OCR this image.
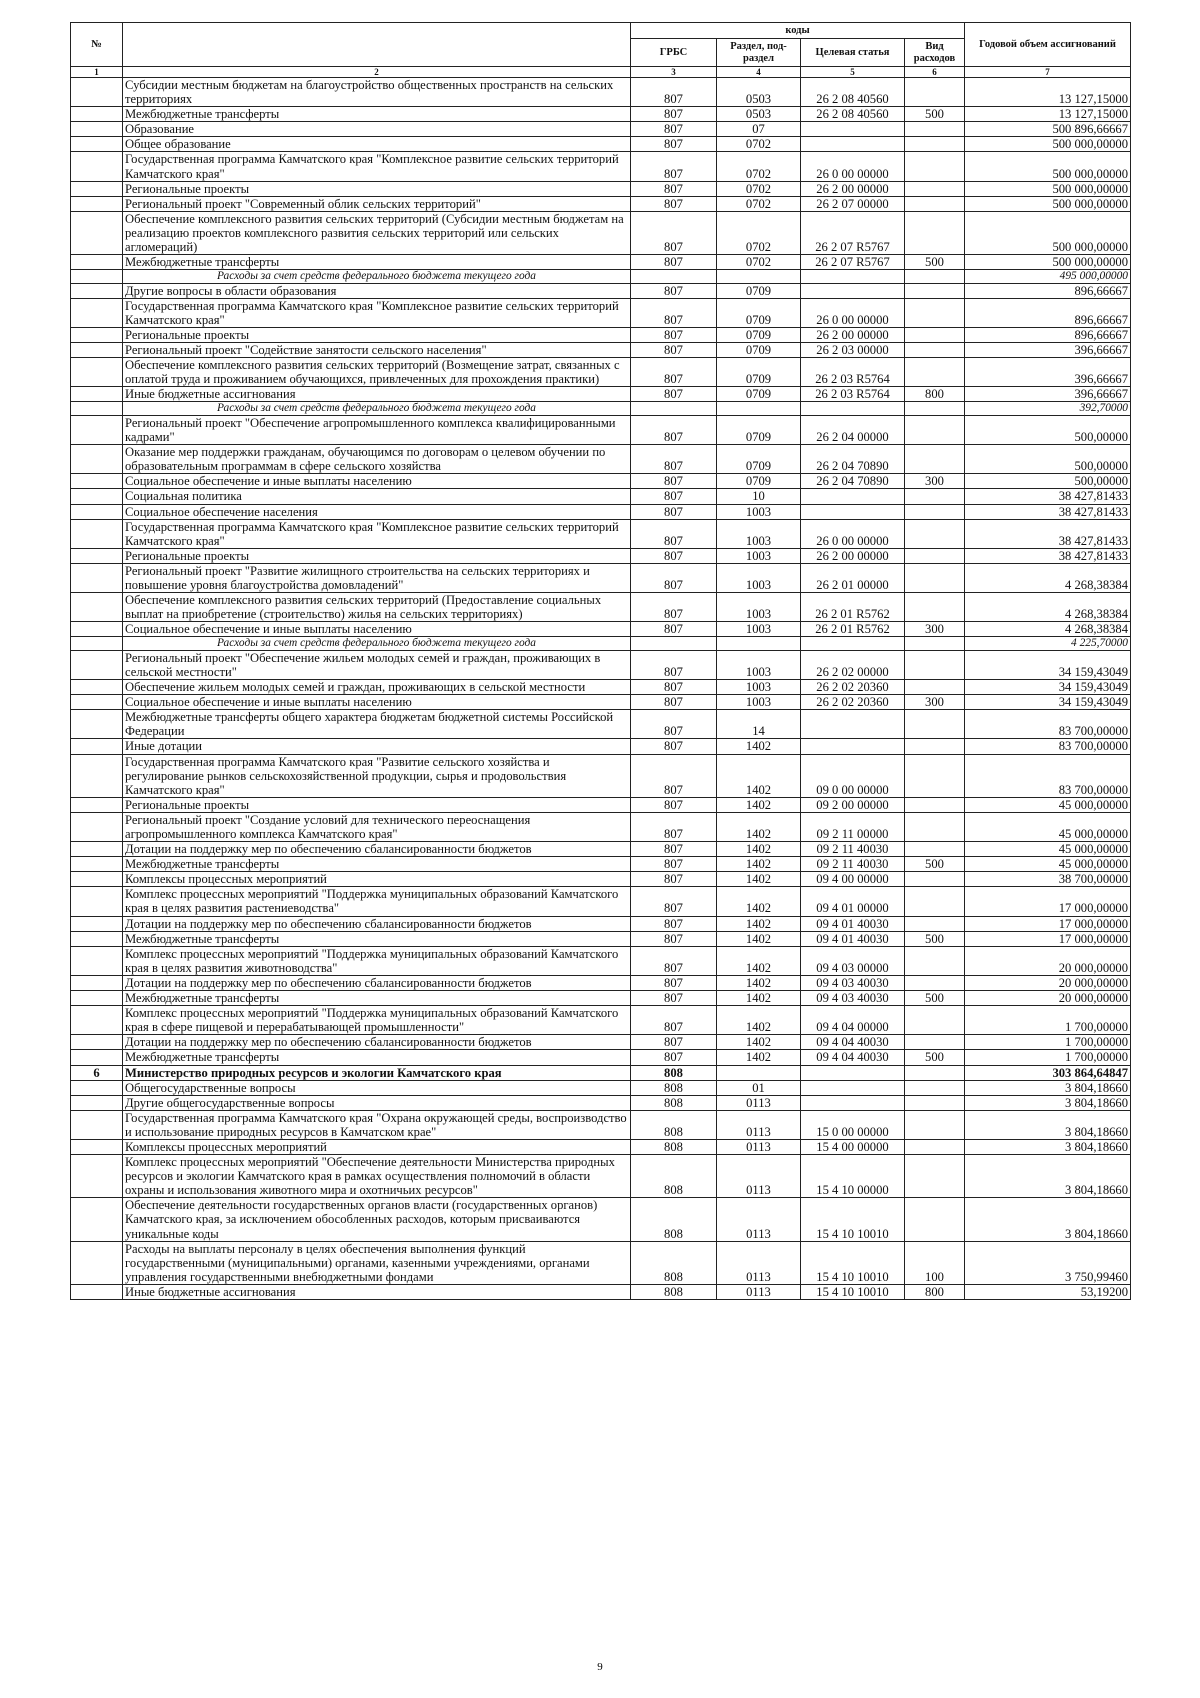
№		коды				Годовой объем ассигнований
		ГРБС	Раздел, под-раздел	Целевая статья	Вид расходов	
1	2	3	4	5	6	7
	Субсидии местным бюджетам на благоустройство общественных пространств на сельских территориях	807	0503	26 2 08 40560		13 127,15000
	Межбюджетные трансферты	807	0503	26 2 08 40560	500	13 127,15000
	Образование	807	07			500 896,66667
	Общее образование	807	0702			500 000,00000
	Государственная программа Камчатского края "Комплексное развитие сельских территорий Камчатского края"	807	0702	26 0 00 00000		500 000,00000
	Региональные проекты	807	0702	26 2 00 00000		500 000,00000
	Региональный проект "Современный облик сельских территорий"	807	0702	26 2 07 00000		500 000,00000
	Обеспечение комплексного развития сельских территорий (Субсидии местным бюджетам на реализацию проектов комплексного развития сельских территорий или сельских агломераций)	807	0702	26 2 07 R5767		500 000,00000
	Межбюджетные трансферты	807	0702	26 2 07 R5767	500	500 000,00000
	Расходы за счет средств федерального бюджета текущего года					495 000,00000
	Другие вопросы в области образования	807	0709			896,66667
	Государственная программа Камчатского края "Комплексное развитие сельских территорий Камчатского края"	807	0709	26 0 00 00000		896,66667
	Региональные проекты	807	0709	26 2 00 00000		896,66667
	Региональный проект "Содействие занятости сельского населения"	807	0709	26 2 03 00000		396,66667
	Обеспечение комплексного развития сельских территорий (Возмещение затрат, связанных с оплатой труда и проживанием обучающихся, привлеченных для прохождения практики)	807	0709	26 2 03 R5764		396,66667
	Иные бюджетные ассигнования	807	0709	26 2 03 R5764	800	396,66667
	Расходы за счет средств федерального бюджета текущего года					392,70000
	Региональный проект "Обеспечение агропромышленного комплекса квалифицированными кадрами"	807	0709	26 2 04 00000		500,00000
	Оказание мер поддержки гражданам, обучающимся по договорам о целевом обучении по образовательным программам в сфере сельского хозяйства	807	0709	26 2 04 70890		500,00000
	Социальное обеспечение и иные выплаты населению	807	0709	26 2 04 70890	300	500,00000
	Социальная политика	807	10			38 427,81433
	Социальное обеспечение населения	807	1003			38 427,81433
	Государственная программа Камчатского края "Комплексное развитие сельских территорий Камчатского края"	807	1003	26 0 00 00000		38 427,81433
	Региональные проекты	807	1003	26 2 00 00000		38 427,81433
	Региональный проект "Развитие жилищного строительства на сельских территориях и повышение уровня благоустройства домовладений"	807	1003	26 2 01 00000		4 268,38384
	Обеспечение комплексного развития сельских территорий (Предоставление социальных выплат на приобретение (строительство) жилья на сельских территориях)	807	1003	26 2 01 R5762		4 268,38384
	Социальное обеспечение и иные выплаты населению	807	1003	26 2 01 R5762	300	4 268,38384
	Расходы за счет средств федерального бюджета текущего года					4 225,70000
	Региональный проект "Обеспечение жильем молодых семей и граждан, проживающих в сельской местности"	807	1003	26 2 02 00000		34 159,43049
	Обеспечение жильем молодых семей и граждан, проживающих в сельской местности	807	1003	26 2 02 20360		34 159,43049
	Социальное обеспечение и иные выплаты населению	807	1003	26 2 02 20360	300	34 159,43049
	Межбюджетные трансферты общего характера бюджетам бюджетной системы Российской Федерации	807	14			83 700,00000
	Иные дотации	807	1402			83 700,00000
	Государственная программа Камчатского края "Развитие сельского хозяйства и регулирование рынков сельскохозяйственной продукции, сырья и продовольствия Камчатского края"	807	1402	09 0 00 00000		83 700,00000
	Региональные проекты	807	1402	09 2 00 00000		45 000,00000
	Региональный проект "Создание условий для технического переоснащения агропромышленного комплекса Камчатского края"	807	1402	09 2 11 00000		45 000,00000
	Дотации на поддержку мер по обеспечению сбалансированности бюджетов	807	1402	09 2 11 40030		45 000,00000
	Межбюджетные трансферты	807	1402	09 2 11 40030	500	45 000,00000
	Комплексы процессных мероприятий	807	1402	09 4 00 00000		38 700,00000
	Комплекс процессных мероприятий "Поддержка муниципальных образований Камчатского края в целях развития растениеводства"	807	1402	09 4 01 00000		17 000,00000
	Дотации на поддержку мер по обеспечению сбалансированности бюджетов	807	1402	09 4 01 40030		17 000,00000
	Межбюджетные трансферты	807	1402	09 4 01 40030	500	17 000,00000
	Комплекс процессных мероприятий "Поддержка муниципальных образований Камчатского края в целях развития животноводства"	807	1402	09 4 03 00000		20 000,00000
	Дотации на поддержку мер по обеспечению сбалансированности бюджетов	807	1402	09 4 03 40030		20 000,00000
	Межбюджетные трансферты	807	1402	09 4 03 40030	500	20 000,00000
	Комплекс процессных мероприятий "Поддержка муниципальных образований Камчатского края в сфере пищевой и перерабатывающей промышленности"	807	1402	09 4 04 00000		1 700,00000
	Дотации на поддержку мер по обеспечению сбалансированности бюджетов	807	1402	09 4 04 40030		1 700,00000
	Межбюджетные трансферты	807	1402	09 4 04 40030	500	1 700,00000
6	Министерство природных ресурсов и экологии Камчатского края	808				303 864,64847
	Общегосударственные вопросы	808	01			3 804,18660
	Другие общегосударственные вопросы	808	0113			3 804,18660
	Государственная программа Камчатского края "Охрана окружающей среды, воспроизводство и использование природных ресурсов в Камчатском крае"	808	0113	15 0 00 00000		3 804,18660
	Комплексы процессных мероприятий	808	0113	15 4 00 00000		3 804,18660
	Комплекс процессных мероприятий "Обеспечение деятельности Министерства природных ресурсов и экологии Камчатского края в рамках осуществления полномочий в области охраны и использования животного мира и охотничьих ресурсов"	808	0113	15 4 10 00000		3 804,18660
	Обеспечение деятельности государственных органов власти (государственных органов) Камчатского края, за исключением обособленных расходов, которым присваиваются уникальные коды	808	0113	15 4 10 10010		3 804,18660
	Расходы на выплаты персоналу в целях обеспечения выполнения функций государственными (муниципальными) органами, казенными учреждениями, органами управления государственными внебюджетными фондами	808	0113	15 4 10 10010	100	3 750,99460
	Иные бюджетные ассигнования	808	0113	15 4 10 10010	800	53,19200
9
